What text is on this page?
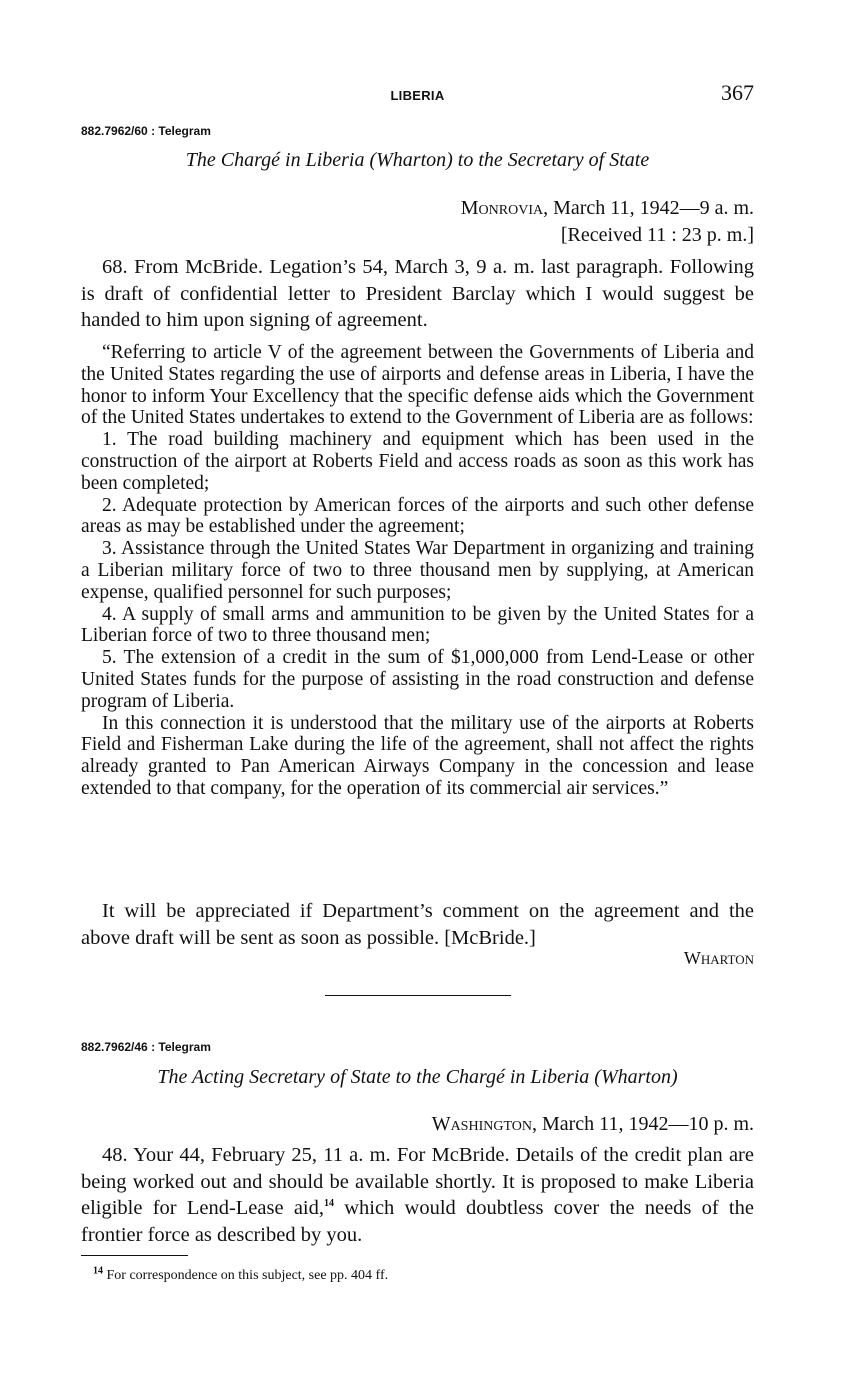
LIBERIA	367
882.7962/60 : Telegram
The Chargé in Liberia (Wharton) to the Secretary of State
Monrovia, March 11, 1942—9 a. m.
[Received 11 : 23 p. m.]

68. From McBride. Legation’s 54, March 3, 9 a. m. last paragraph. Following is draft of confidential letter to President Barclay which I would suggest be handed to him upon signing of agreement.

“Referring to article V of the agreement between the Governments of Liberia and the United States regarding the use of airports and defense areas in Liberia, I have the honor to inform Your Excellency that the specific defense aids which the Government of the United States undertakes to extend to the Government of Liberia are as follows:

1. The road building machinery and equipment which has been used in the construction of the airport at Roberts Field and access roads as soon as this work has been completed;

2. Adequate protection by American forces of the airports and such other defense areas as may be established under the agreement;

3. Assistance through the United States War Department in organizing and training a Liberian military force of two to three thousand men by supplying, at American expense, qualified personnel for such purposes;

4. A supply of small arms and ammunition to be given by the United States for a Liberian force of two to three thousand men;

5. The extension of a credit in the sum of $1,000,000 from Lend-Lease or other United States funds for the purpose of assisting in the road construction and defense program of Liberia.

In this connection it is understood that the military use of the airports at Roberts Field and Fisherman Lake during the life of the agreement, shall not affect the rights already granted to Pan American Airways Company in the concession and lease extended to that company, for the operation of its commercial air services.”

It will be appreciated if Department’s comment on the agreement and the above draft will be sent as soon as possible. [McBride.]

Wharton
882.7962/46 : Telegram
The Acting Secretary of State to the Chargé in Liberia (Wharton)
Washington, March 11, 1942—10 p. m.

48. Your 44, February 25, 11 a. m. For McBride. Details of the credit plan are being worked out and should be available shortly. It is proposed to make Liberia eligible for Lend-Lease aid,$^{14}$ which would doubtless cover the needs of the frontier force as described by you.

$^{14}$ For correspondence on this subject, see pp. 404 ff.
